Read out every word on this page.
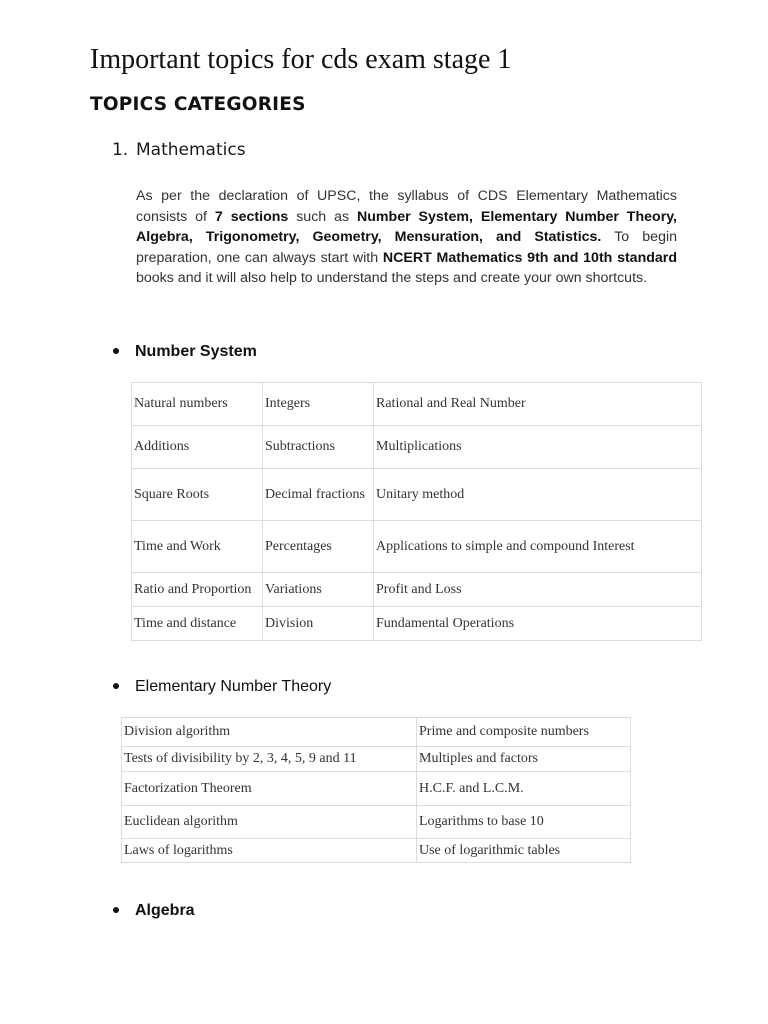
Important topics for cds exam stage 1
TOPICS CATEGORIES
1. Mathematics

As per the declaration of UPSC, the syllabus of CDS Elementary Mathematics consists of 7 sections such as Number System, Elementary Number Theory, Algebra, Trigonometry, Geometry, Mensuration, and Statistics. To begin preparation, one can always start with NCERT Mathematics 9th and 10th standard books and it will also help to understand the steps and create your own shortcuts.

Number System
Natural numbers	Integers	Rational and Real Number
Additions	Subtractions	Multiplications
Square Roots	Decimal fractions	Unitary method
Time and Work	Percentages	Applications to simple and compound Interest
Ratio and Proportion	Variations	Profit and Loss
Time and distance	Division	Fundamental Operations
Elementary Number Theory
Division algorithm	Prime and composite numbers
Tests of divisibility by 2, 3, 4, 5, 9 and 11	Multiples and factors
Factorization Theorem	H.C.F. and L.C.M.
Euclidean algorithm	Logarithms to base 10
Laws of logarithms	Use of logarithmic tables
Algebra
